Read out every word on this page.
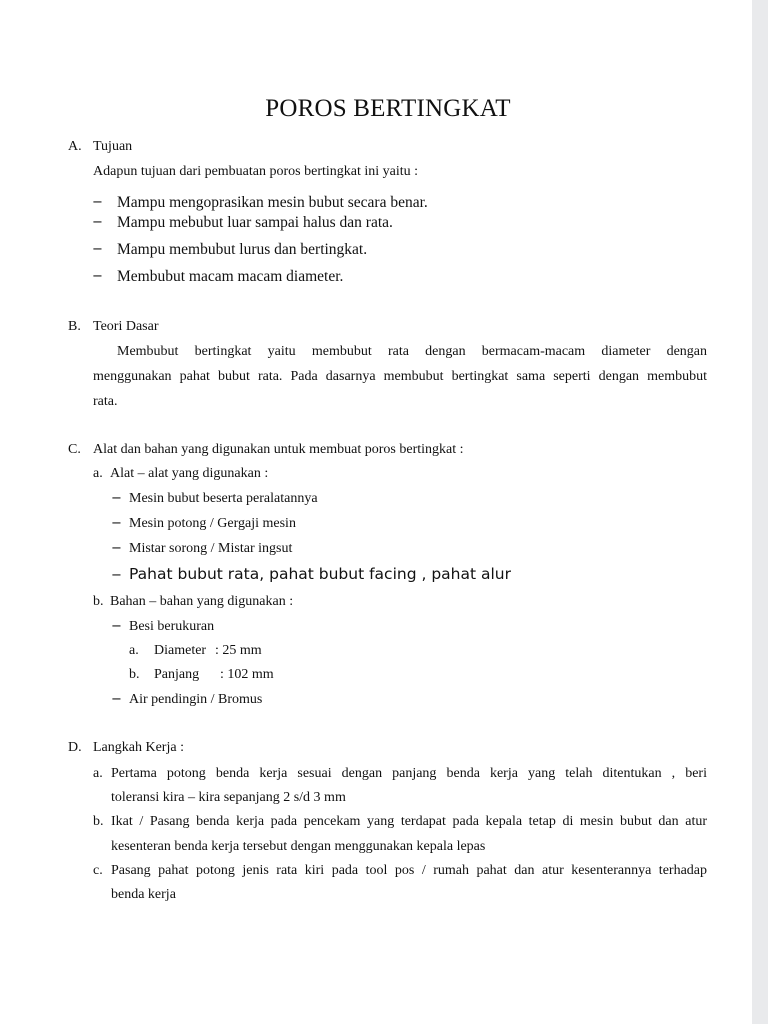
POROS BERTINGKAT
A. Tujuan
Adapun tujuan dari pembuatan poros bertingkat ini yaitu :
− Mampu mengoprasikan mesin bubut secara benar.
− Mampu mebubut luar sampai halus dan rata.
− Mampu membubut lurus dan bertingkat.
− Membubut macam macam diameter.
B. Teori Dasar
Membubut bertingkat yaitu membubut rata dengan bermacam-macam diameter dengan
menggunakan pahat bubut rata. Pada dasarnya membubut bertingkat sama seperti dengan membubut
rata.
C. Alat dan bahan yang digunakan untuk membuat poros bertingkat :
a. Alat – alat yang digunakan :
− Mesin bubut beserta peralatannya
− Mesin potong / Gergaji mesin
− Mistar sorong / Mistar ingsut
− Pahat bubut rata, pahat bubut facing , pahat alur
b. Bahan – bahan yang digunakan :
− Besi berukuran
a. Diameter : 25 mm
b. Panjang : 102 mm
− Air pendingin / Bromus
D. Langkah Kerja :
a. Pertama potong benda kerja sesuai dengan panjang benda kerja yang telah ditentukan , beri
toleransi kira – kira sepanjang 2 s/d 3 mm
b. Ikat / Pasang benda kerja pada pencekam yang terdapat pada kepala tetap di mesin bubut dan atur
kesenteran benda kerja tersebut dengan menggunakan kepala lepas
c. Pasang pahat potong jenis rata kiri pada tool pos / rumah pahat dan atur kesenterannya terhadap
benda kerja
